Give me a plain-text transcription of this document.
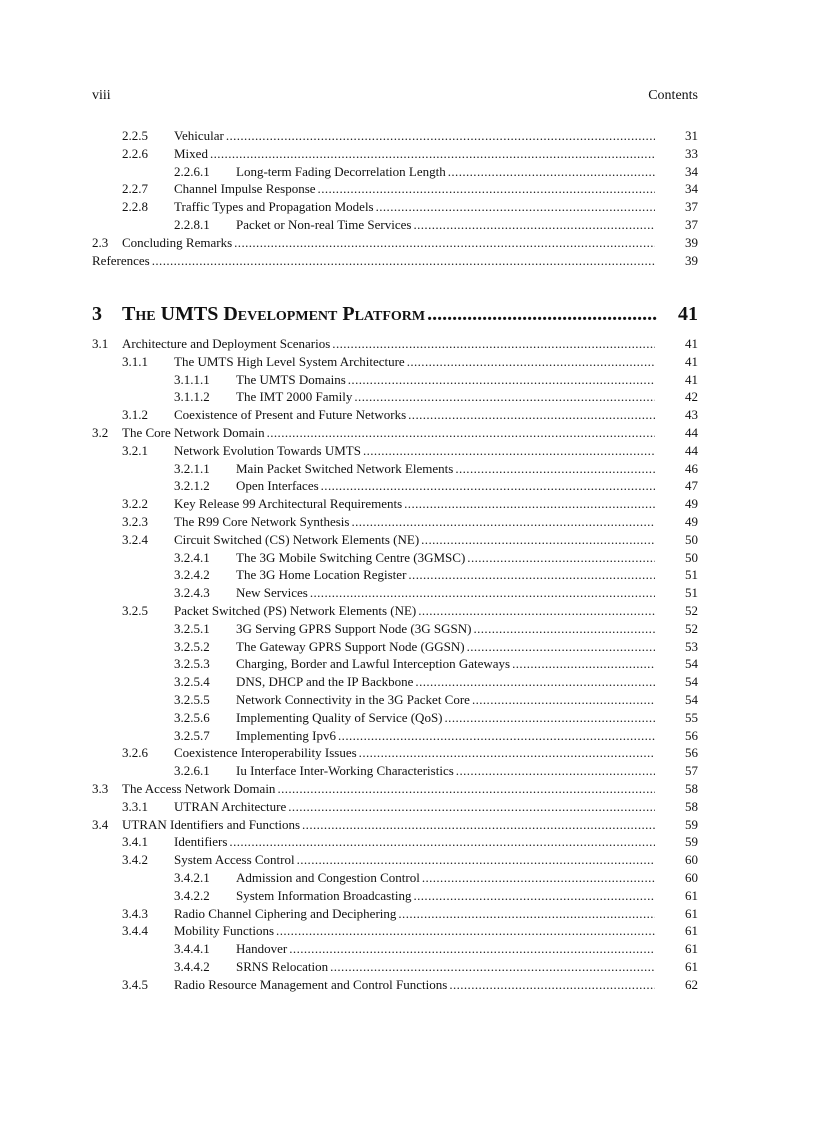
viii	Contents
2.2.5 Vehicular .....	31
2.2.6 Mixed .....	33
2.2.6.1 Long-term Fading Decorrelation Length .....	34
2.2.7 Channel Impulse Response .....	34
2.2.8 Traffic Types and Propagation Models .....	37
2.2.8.1 Packet or Non-real Time Services .....	37
2.3 Concluding Remarks .....	39
References .....	39
3 The UMTS Development Platform .....	41
3.1 Architecture and Deployment Scenarios .....	41
3.1.1 The UMTS High Level System Architecture .....	41
3.1.1.1 The UMTS Domains .....	41
3.1.1.2 The IMT 2000 Family .....	42
3.1.2 Coexistence of Present and Future Networks .....	43
3.2 The Core Network Domain .....	44
3.2.1 Network Evolution Towards UMTS .....	44
3.2.1.1 Main Packet Switched Network Elements .....	46
3.2.1.2 Open Interfaces .....	47
3.2.2 Key Release 99 Architectural Requirements .....	49
3.2.3 The R99 Core Network Synthesis .....	49
3.2.4 Circuit Switched (CS) Network Elements (NE) .....	50
3.2.4.1 The 3G Mobile Switching Centre (3GMSC) .....	50
3.2.4.2 The 3G Home Location Register .....	51
3.2.4.3 New Services .....	51
3.2.5 Packet Switched (PS) Network Elements (NE) .....	52
3.2.5.1 3G Serving GPRS Support Node (3G SGSN) .....	52
3.2.5.2 The Gateway GPRS Support Node (GGSN) .....	53
3.2.5.3 Charging, Border and Lawful Interception Gateways .....	54
3.2.5.4 DNS, DHCP and the IP Backbone .....	54
3.2.5.5 Network Connectivity in the 3G Packet Core .....	54
3.2.5.6 Implementing Quality of Service (QoS) .....	55
3.2.5.7 Implementing Ipv6 .....	56
3.2.6 Coexistence Interoperability Issues .....	56
3.2.6.1 Iu Interface Inter-Working Characteristics .....	57
3.3 The Access Network Domain .....	58
3.3.1 UTRAN Architecture .....	58
3.4 UTRAN Identifiers and Functions .....	59
3.4.1 Identifiers .....	59
3.4.2 System Access Control .....	60
3.4.2.1 Admission and Congestion Control .....	60
3.4.2.2 System Information Broadcasting .....	61
3.4.3 Radio Channel Ciphering and Deciphering .....	61
3.4.4 Mobility Functions .....	61
3.4.4.1 Handover .....	61
3.4.4.2 SRNS Relocation .....	61
3.4.5 Radio Resource Management and Control Functions .....	62
